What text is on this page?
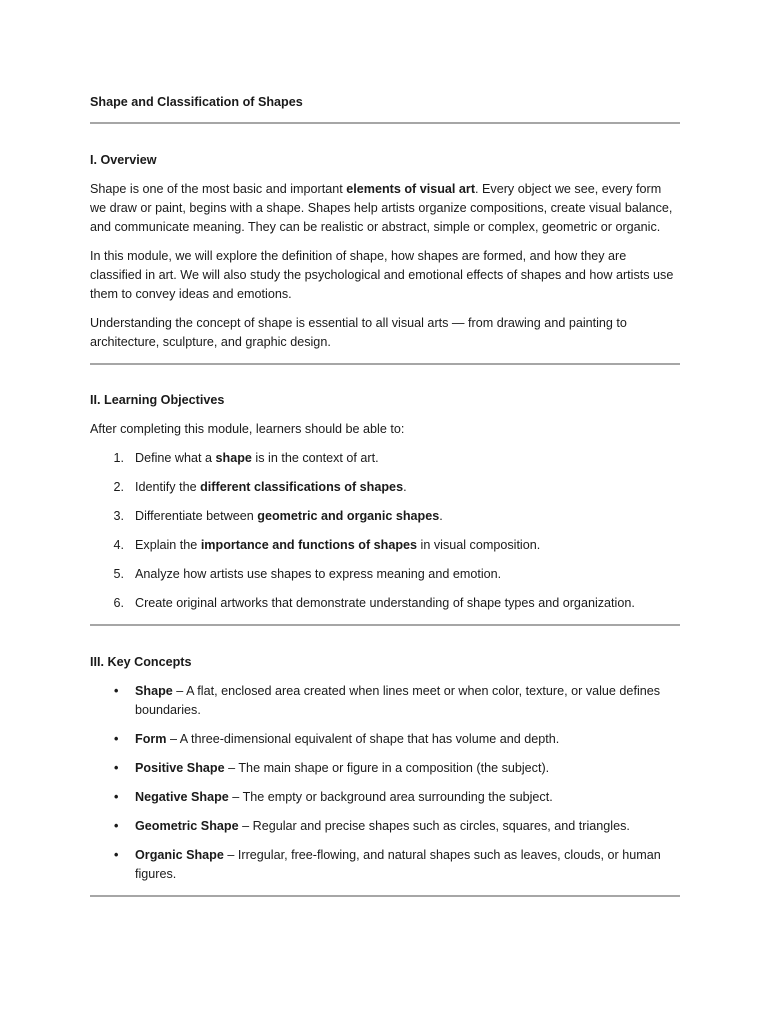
Shape and Classification of Shapes
I. Overview

Shape is one of the most basic and important elements of visual art. Every object we see, every form we draw or paint, begins with a shape. Shapes help artists organize compositions, create visual balance, and communicate meaning. They can be realistic or abstract, simple or complex, geometric or organic.

In this module, we will explore the definition of shape, how shapes are formed, and how they are classified in art. We will also study the psychological and emotional effects of shapes and how artists use them to convey ideas and emotions.

Understanding the concept of shape is essential to all visual arts — from drawing and painting to architecture, sculpture, and graphic design.

II. Learning Objectives

After completing this module, learners should be able to:

1. Define what a shape is in the context of art.
2. Identify the different classifications of shapes.
3. Differentiate between geometric and organic shapes.
4. Explain the importance and functions of shapes in visual composition.
5. Analyze how artists use shapes to express meaning and emotion.
6. Create original artworks that demonstrate understanding of shape types and organization.
III. Key Concepts
• Shape – A flat, enclosed area created when lines meet or when color, texture, or value defines boundaries.
• Form – A three-dimensional equivalent of shape that has volume and depth.
• Positive Shape – The main shape or figure in a composition (the subject).
• Negative Shape – The empty or background area surrounding the subject.
• Geometric Shape – Regular and precise shapes such as circles, squares, and triangles.
• Organic Shape – Irregular, free-flowing, and natural shapes such as leaves, clouds, or human figures.
